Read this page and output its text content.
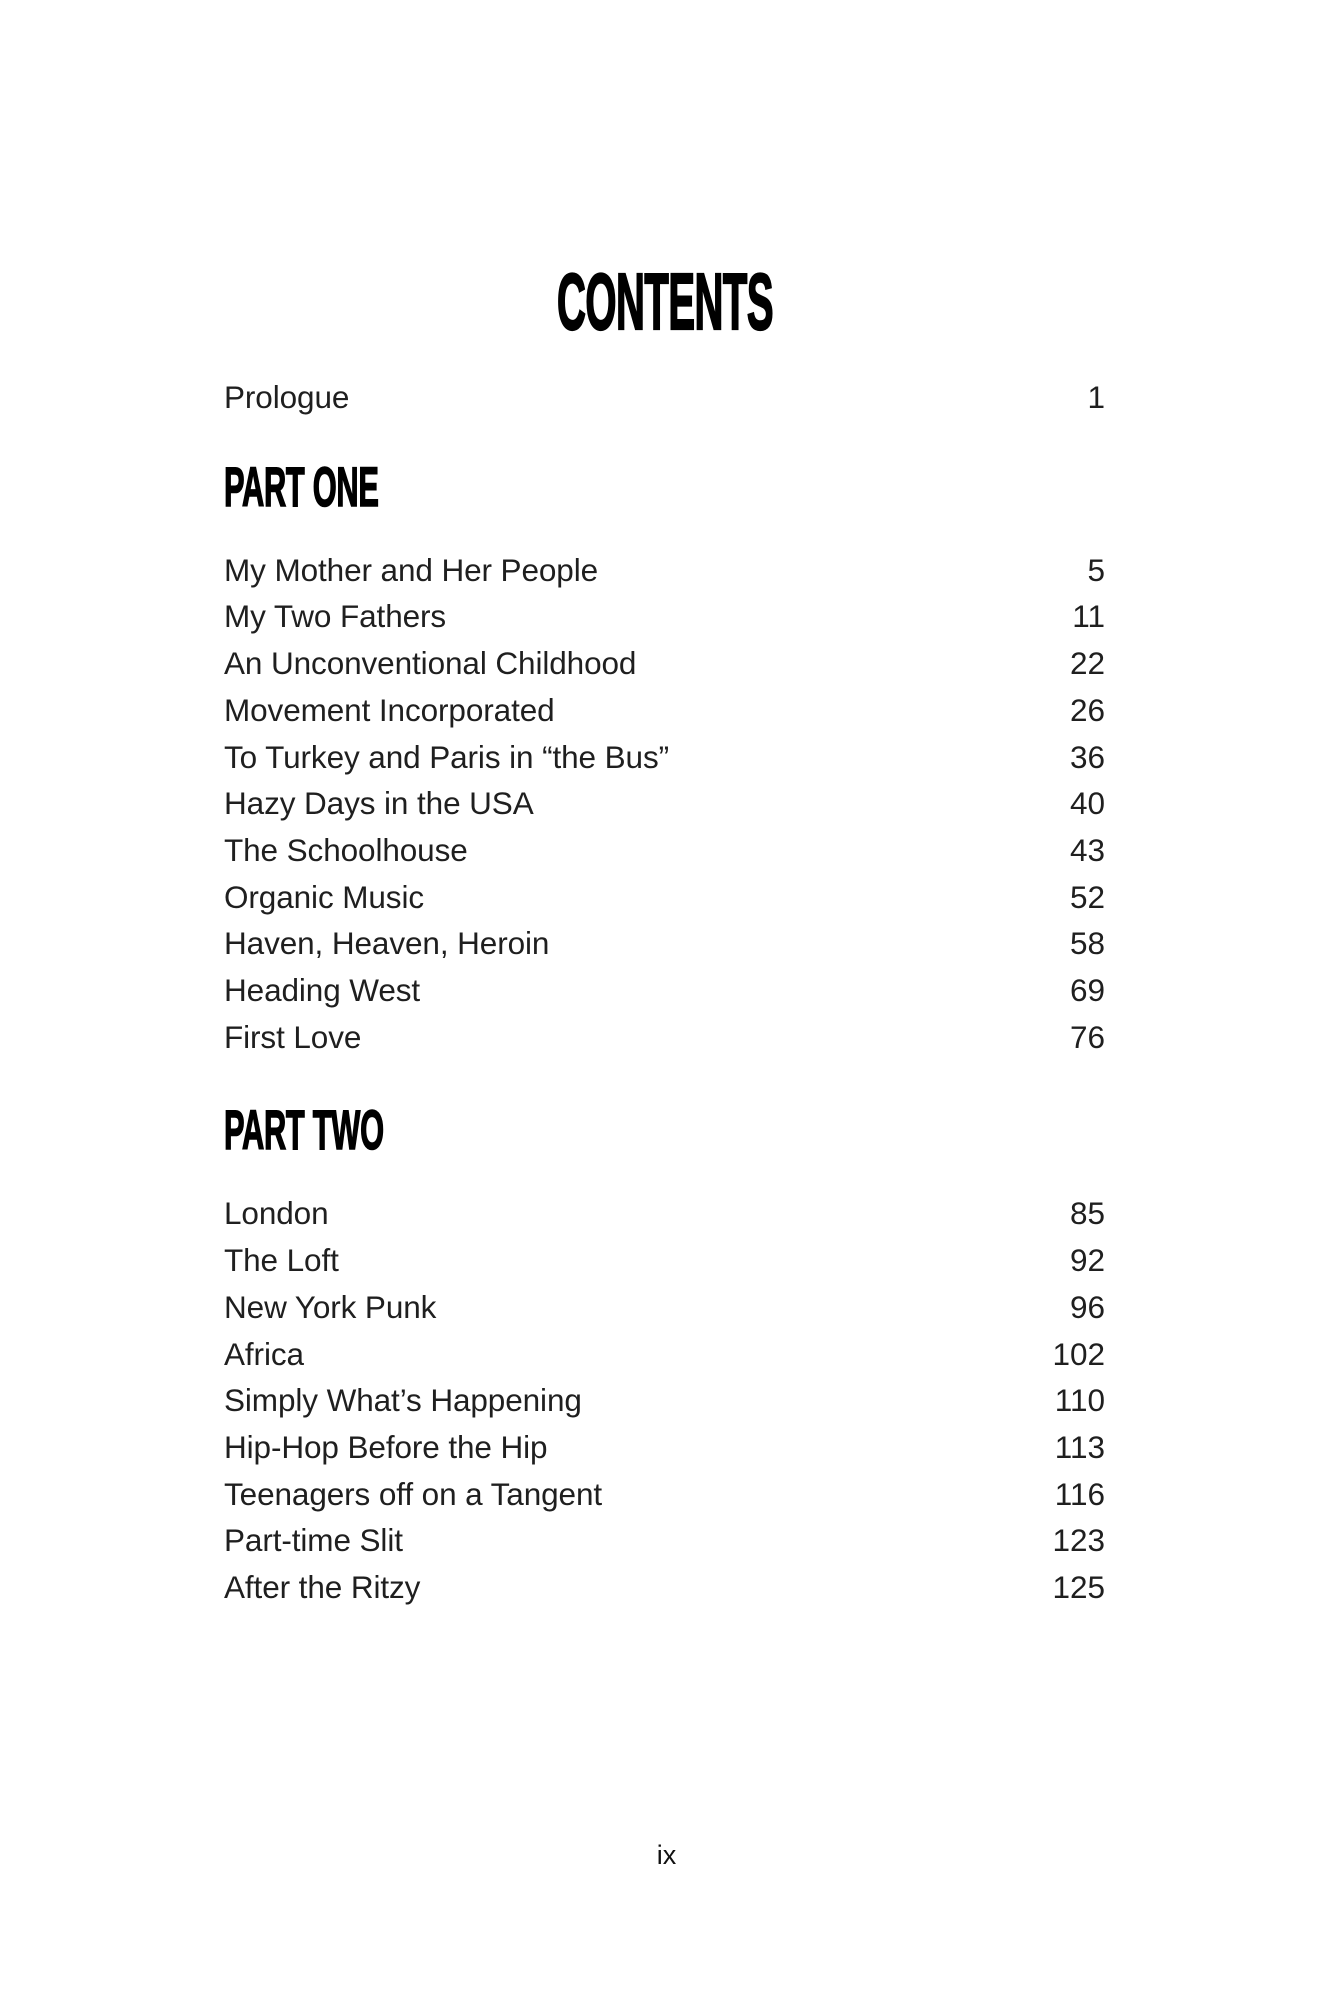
CONTENTS
Prologue	1
PART ONE
My Mother and Her People	5
My Two Fathers	11
An Unconventional Childhood	22
Movement Incorporated	26
To Turkey and Paris in “the Bus”	36
Hazy Days in the USA	40
The Schoolhouse	43
Organic Music	52
Haven, Heaven, Heroin	58
Heading West	69
First Love	76
PART TWO
London	85
The Loft	92
New York Punk	96
Africa	102
Simply What’s Happening	110
Hip-Hop Before the Hip	113
Teenagers off on a Tangent	116
Part-time Slit	123
After the Ritzy	125
ix
